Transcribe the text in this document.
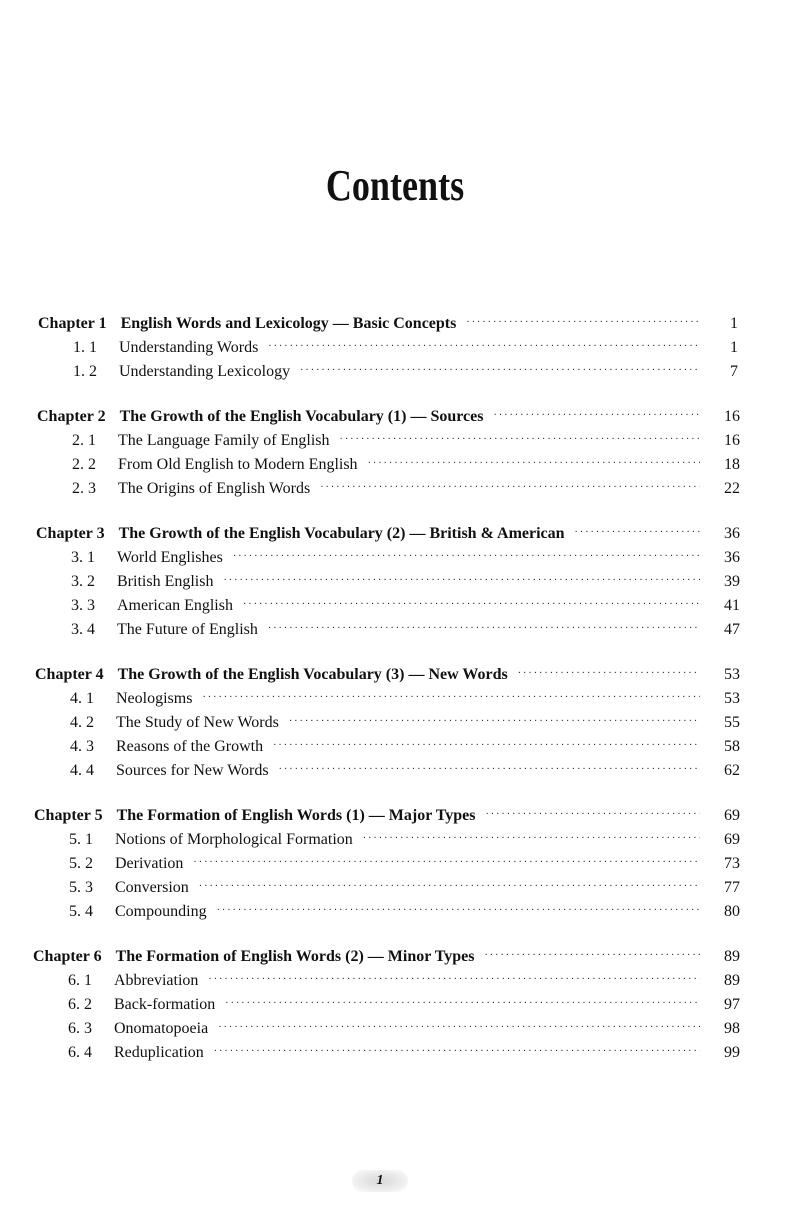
Contents
Chapter 1 English Words and Lexicology — Basic Concepts ·····	1
1. 1	Understanding Words ·····	1
1. 2	Understanding Lexicology ·····	7
Chapter 2 The Growth of the English Vocabulary (1) — Sources ·····	16
2. 1	The Language Family of English ·····	16
2. 2	From Old English to Modern English ·····	18
2. 3	The Origins of English Words ·····	22
Chapter 3 The Growth of the English Vocabulary (2) — British & American ·····	36
3. 1	World Englishes ·····	36
3. 2	British English ·····	39
3. 3	American English ·····	41
3. 4	The Future of English ·····	47
Chapter 4 The Growth of the English Vocabulary (3) — New Words ·····	53
4. 1	Neologisms ·····	53
4. 2	The Study of New Words ·····	55
4. 3	Reasons of the Growth ·····	58
4. 4	Sources for New Words ·····	62
Chapter 5 The Formation of English Words (1) — Major Types ·····	69
5. 1	Notions of Morphological Formation ·····	69
5. 2	Derivation ·····	73
5. 3	Conversion ·····	77
5. 4	Compounding ·····	80
Chapter 6 The Formation of English Words (2) — Minor Types ·····	89
6. 1	Abbreviation ·····	89
6. 2	Back-formation ·····	97
6. 3	Onomatopoeia ·····	98
6. 4	Reduplication ·····	99
1
